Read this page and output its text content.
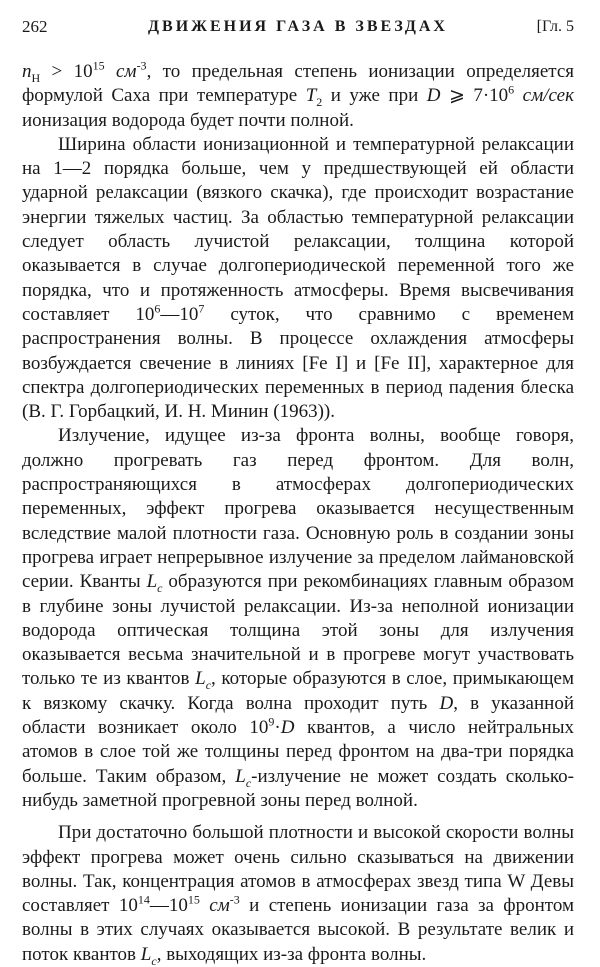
262	ДВИЖЕНИЯ ГАЗА В ЗВЕЗДАХ	[Гл. 5

$n_H > 10^{15}$ $см^{-3}$, то предельная степень ионизации определяется формулой Саха при температуре $T_2$ и уже при D ⩾ $7\cdot 10^6$ см/сек ионизация водорода будет почти полной.

Ширина области ионизационной и температурной релаксации на 1—2 порядка больше, чем у предшествующей ей области ударной релаксации (вязкого скачка), где происходит возрастание энергии тяжелых частиц. За областью температурной релаксации следует область лучистой релаксации, толщина которой оказывается в случае долгопериодической переменной того же порядка, что и протяженность атмосферы. Время высвечивания составляет $10^6—10^7$ суток, что сравнимо с временем распространения волны. В процессе охлаждения атмосферы возбуждается свечение в линиях [Fe I] и [Fe II], характерное для спектра долгопериодических переменных в период падения блеска (В. Г. Горбацкий, И. Н. Минин (1963)).

Излучение, идущее из-за фронта волны, вообще говоря, должно прогревать газ перед фронтом. Для волн, распространяющихся в атмосферах долгопериодических переменных, эффект прогрева оказывается несущественным вследствие малой плотности газа. Основную роль в создании зоны прогрева играет непрерывное излучение за пределом лаймановской серии. Кванты $L_c$ образуются при рекомбинациях главным образом в глубине зоны лучистой релаксации. Из-за неполной ионизации водорода оптическая толщина этой зоны для излучения оказывается весьма значительной и в прогреве могут участвовать только те из квантов $L_c$, которые образуются в слое, примыкающем к вязкому скачку. Когда волна проходит путь D, в указанной области возникает около $10^9\cdot D$ квантов, а число нейтральных атомов в слое той же толщины перед фронтом на два-три порядка больше. Таким образом, $L_c$-излучение не может создать сколько-нибудь заметной прогревной зоны перед волной.

При достаточно большой плотности и высокой скорости волны эффект прогрева может очень сильно сказываться на движении волны. Так, концентрация атомов в атмосферах звезд типа W Девы составляет $10^{14}—10^{15}$ $см^{-3}$ и степень ионизации газа за фронтом волны в этих случаях оказывается высокой. В результате велик и поток квантов $L_c$, выходящих из-за фронта волны.
